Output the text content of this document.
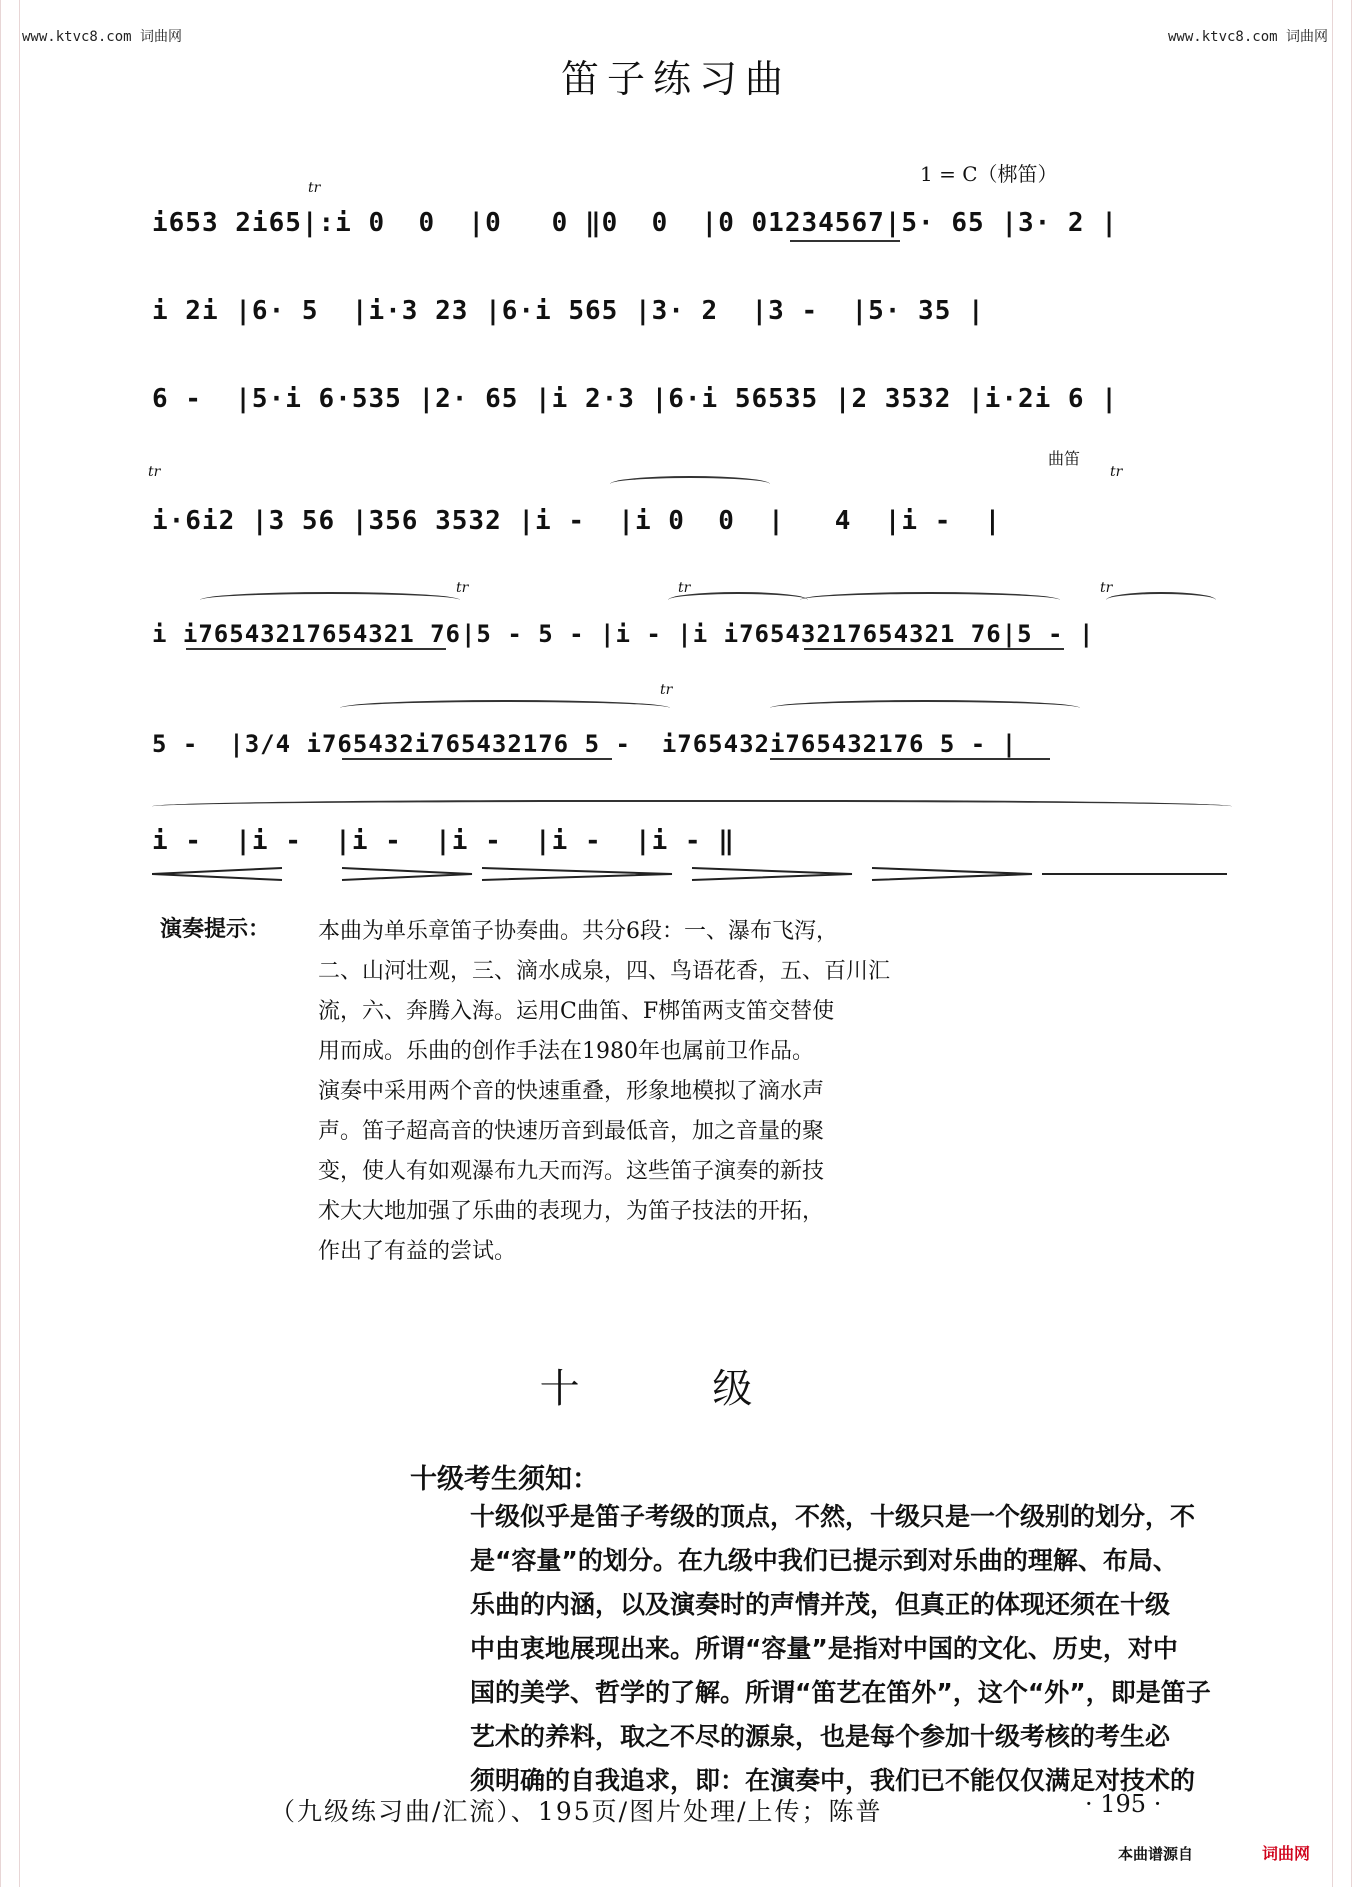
www.ktvc8.com 词曲网	www.ktvc8.com 词曲网
笛子练习曲
1 = C（梆笛）
tr
tr
曲笛
tr
tr	tr	tr
tr
i653 2i65|:i 0  0  |0   0 ‖0  0  |0 01234567|5· 65 |3· 2 |
i 2i |6· 5  |i·3 23 |6·i 565 |3· 2  |3 -  |5· 35 |
6 -  |5·i 6·535 |2· 65 |i 2·3 |6·i 56535 |2 3532 |i·2i 6 |
i·6i2 |3 56 |356 3532 |i -  |i 0  0  |   4  |i -  |
i i76543217654321 76|5 - 5 - |i - |i i76543217654321 76|5 - |
5 -  |3/4 i765432i765432176 5 -  i765432i765432176 5 - |
i -  |i -  |i -  |i -  |i -  |i - ‖
演奏提示： 本曲为单乐章笛子协奏曲。共分6段：一、瀑布飞泻，
二、山河壮观，三、滴水成泉，四、鸟语花香，五、百川汇
流，六、奔腾入海。运用C曲笛、F梆笛两支笛交替使
用而成。乐曲的创作手法在1980年也属前卫作品。
演奏中采用两个音的快速重叠，形象地模拟了滴水声
声。笛子超高音的快速历音到最低音，加之音量的聚
变，使人有如观瀑布九天而泻。这些笛子演奏的新技
术大大地加强了乐曲的表现力，为笛子技法的开拓，
作出了有益的尝试。
十 级
十级考生须知：
十级似乎是笛子考级的顶点，不然，十级只是一个级别的划分，不
是“容量”的划分。在九级中我们已提示到对乐曲的理解、布局、
乐曲的内涵，以及演奏时的声情并茂，但真正的体现还须在十级
中由衷地展现出来。所谓“容量”是指对中国的文化、历史，对中
国的美学、哲学的了解。所谓“笛艺在笛外”，这个“外”，即是笛子
艺术的养料，取之不尽的源泉，也是每个参加十级考核的考生必
须明确的自我追求，即：在演奏中，我们已不能仅仅满足对技术的
（九级练习曲/汇流）、195页/图片处理/上传；陈普	· 195 ·
本曲谱源自	词曲网
